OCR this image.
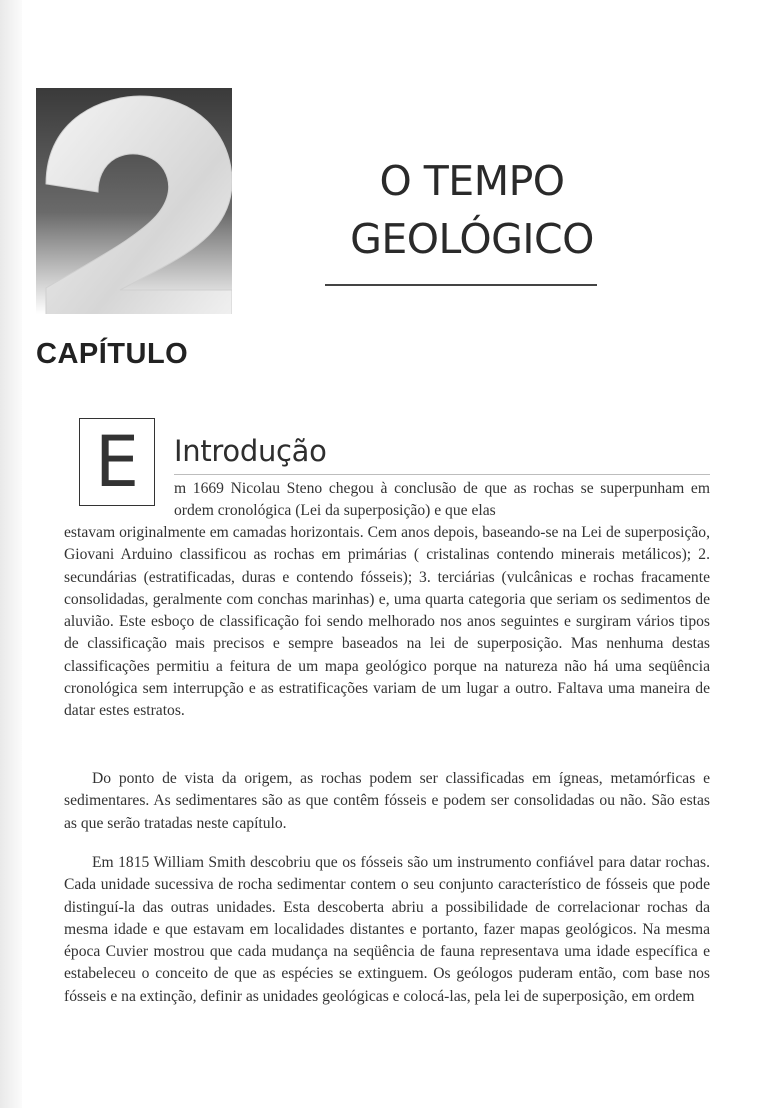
CAPÍTULO
O TEMPO
GEOLÓGICO
E	Introdução

m 1669 Nicolau Steno chegou à conclusão de que as rochas se superpunham em ordem cronológica (Lei da superposição) e que elas

estavam originalmente em camadas horizontais. Cem anos depois, baseando-se na Lei de superposição, Giovani Arduino classificou as rochas em primárias ( cristalinas contendo minerais metálicos); 2. secundárias (estratificadas, duras e contendo fósseis); 3. terciárias (vulcânicas e rochas fracamente consolidadas, geralmente com conchas marinhas) e, uma quarta categoria que seriam os sedimentos de aluvião. Este esboço de classificação foi sendo melhorado nos anos seguintes e surgiram vários tipos de classificação mais precisos e sempre baseados na lei de superposição. Mas nenhuma destas classificações permitiu a feitura de um mapa geológico porque na natureza não há uma seqüência cronológica sem interrupção e as estratificações variam de um lugar a outro. Faltava uma maneira de datar estes estratos.

Do ponto de vista da origem, as rochas podem ser classificadas em ígneas, metamórficas e sedimentares. As sedimentares são as que contêm fósseis e podem ser consolidadas ou não. São estas as que serão tratadas neste capítulo.

Em 1815 William Smith descobriu que os fósseis são um instrumento confiável para datar rochas. Cada unidade sucessiva de rocha sedimentar contem o seu conjunto característico de fósseis que pode distinguí-la das outras unidades. Esta descoberta abriu a possibilidade de correlacionar rochas da mesma idade e que estavam em localidades distantes e portanto, fazer mapas geológicos. Na mesma época Cuvier mostrou que cada mudança na seqüência de fauna representava uma idade específica e estabeleceu o conceito de que as espécies se extinguem. Os geólogos puderam então, com base nos fósseis e na extinção, definir as unidades geológicas e colocá-las, pela lei de superposição, em ordem
